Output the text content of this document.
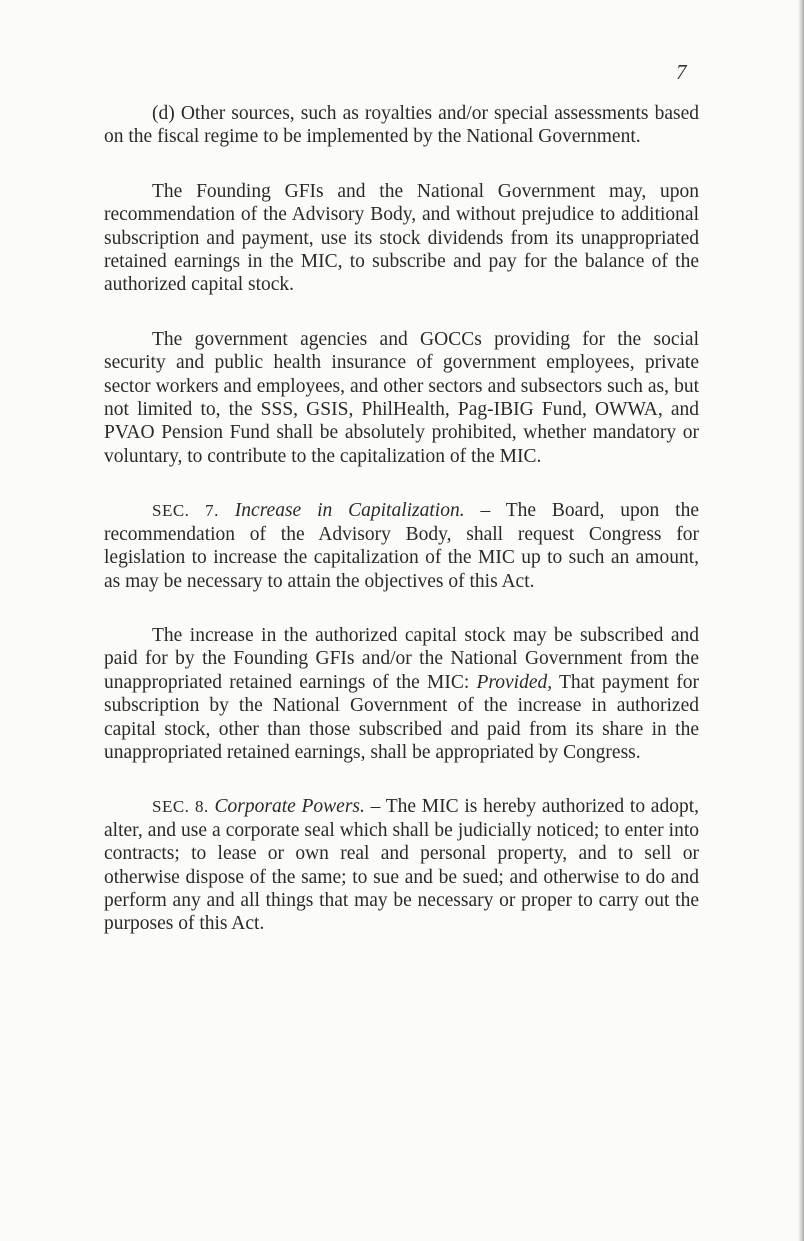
7

(d) Other sources, such as royalties and/or special assessments based on the fiscal regime to be implemented by the National Government.

The Founding GFIs and the National Government may, upon recommendation of the Advisory Body, and without prejudice to additional subscription and payment, use its stock dividends from its unappropriated retained earnings in the MIC, to subscribe and pay for the balance of the authorized capital stock.

The government agencies and GOCCs providing for the social security and public health insurance of government employees, private sector workers and employees, and other sectors and subsectors such as, but not limited to, the SSS, GSIS, PhilHealth, Pag-IBIG Fund, OWWA, and PVAO Pension Fund shall be absolutely prohibited, whether mandatory or voluntary, to contribute to the capitalization of the MIC.

SEC. 7. Increase in Capitalization. – The Board, upon the recommendation of the Advisory Body, shall request Congress for legislation to increase the capitalization of the MIC up to such an amount, as may be necessary to attain the objectives of this Act.

The increase in the authorized capital stock may be subscribed and paid for by the Founding GFIs and/or the National Government from the unappropriated retained earnings of the MIC: Provided, That payment for subscription by the National Government of the increase in authorized capital stock, other than those subscribed and paid from its share in the unappropriated retained earnings, shall be appropriated by Congress.

SEC. 8. Corporate Powers. – The MIC is hereby authorized to adopt, alter, and use a corporate seal which shall be judicially noticed; to enter into contracts; to lease or own real and personal property, and to sell or otherwise dispose of the same; to sue and be sued; and otherwise to do and perform any and all things that may be necessary or proper to carry out the purposes of this Act.
